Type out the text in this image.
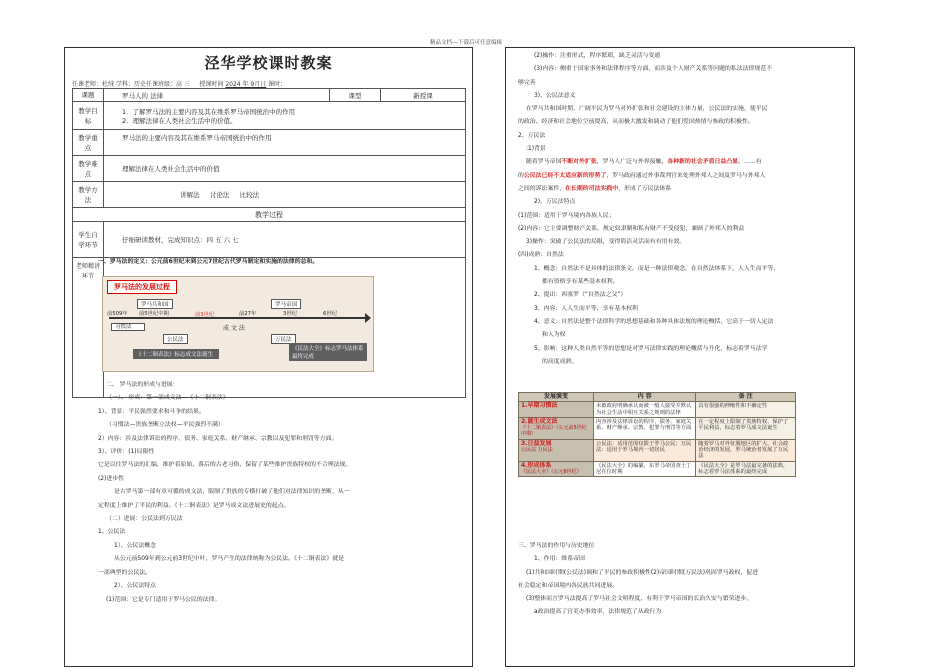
精品文档---下载后可任意编辑
泾华学校课时教案
任课老师：杜绒 学科：历史任课班级：高 三 授课时间 2024 年 9月日 课时：
课题	罗马人的 法律	课型	新授课
教学目标	1．了解罗马法的主要内容及其在维系罗马帝国统治中的作用
2．理解法律在人类社会生活中的价值。		

教学重点	罗马法的主要内容及其在维系罗马帝国统治中的作用		
教学难点	理解法律在人类社会生活中的价值		
教学方法	讲解法     讨论法     比较法		
教学过程			
学生自学环节	仔细研读教材，完成知识点：四 五 六 七		
老师精讲环节			
一、罗马法的定义：公元前6世纪末到公元7世纪古代罗马制定和实施的法律的总和。
罗马法的发展过程
罗马共和国	罗马帝国
前509年 前5世纪中期	前3世纪	前27年	3世纪	6世纪
习惯法	成 文 法
公民法	万民法
《十二铜表法》标志成文法诞生
《民法大全》标志罗马法体系最终完成
二、 罗马法的形成与进展：
（一）、 形成：第一部成文法—《十二铜表法》
1）、背景：平民强烈要求和斗争的结果。
（习惯法—贵族垄断立法权—平民强烈不满）
2）内容：涉及法律诉讼的程序、债务、家庭关系、财产继承、宗教以及犯罪和刑罚等方面。
3）、评价：(1)局限性
它是以往罗马法的汇编，维护着原始、落后的古老习俗，保留了某些维护贵族特权的不合理法规。
(2)进步性
是古罗马第一部有章可循的成文法，限制了贵族的专横打破了他们对法律知识的垄断，从一
定程度上维护了平民的利益。《十二铜表法》是罗马成文法进展史的起点。
（二）进展：公民法到万民法
1、公民法
1）、公民法概念
从公元前509年到公元前3世纪中叶，罗马产生的法律统称为公民法。《十二铜表法》就是
一部典型的公民法。
2）、公民法特点
(1)范围：它是专门适用于罗马公民的法律。
(2)操作：注重形式，程序繁琐，缺乏灵活与变通
(3)内容：侧重于国家事务和法律程序等方面，而涉及个人财产关系等问题的私法法律规范不
够完善
3)、公民法意义
在罗马共和国时期，广阔平民为罗马对外扩张和社会建设的主体力量，公民法的实施，使平民
的政治、经济和社会地位空前提高，从而极大激发和调动了他们爱国热情与参政的积极性。
2、万民法
:1)背景
随着罗马帝国不断对外扩张，罗马人广泛与外界接触，各种新的社会矛盾日益凸显。……有
的公民法已经不太适应新的形势了，罗马政府通过外事裁判官来处理外邦人之间及罗马与外邦人
之间的诉讼案件，在长期的司法实践中，形成了万民法体系
2)、万民法特点
(1)范围：适用于罗马境内各族人民；
(2)内容：它主要调整财产关系，规定奴隶制和私有财产不受侵犯，兼顾了外邦人的利益
3)操作：突破了公民法的局限，变得简洁灵活而有有用有效。
(四)成熟：自然法
1、概念：自然法不是具体的法律条文，而是一种法律观念。在自然法体系下，人人生而平等，
都有资格享有某些基本权利。
2、提出：西塞罗（“自然法之父”）
3、内容：人人生而平等，享有基本权利
4、意义：自然法是整个法律科学的思想基础和各种具体法规的理论概括，它高于一切人定法
和人为权
5、影响：这种人类自然平等的思想是对罗马法律实践的理论概括与升化，标志着罗马法学
的高度成熟。
发展演变	内 容	备 注

1.早期习惯法	未被政府明确承认而被一般人接受并默认为社会生活中相互关系之规则的法律	具有很强的伸缩性和不确定性

2.诞生成文法
《十二铜表法》（公元前5世纪中期）	内容涉及法律诉讼的程序、债务、家庭关系、财产继承、宗教、犯罪与刑罚等方面	在一定程度上限制了贵族特权、保护了平民利益，标志着罗马成文法诞生

3.日益发展
公民法 万民法	公民法：适用范围仅限于罗马公民；万民法：适用于罗马境内一切居民	随着罗马对外征服地区的扩大，社会政治经济的发展，罗马统治者发展了万民法

4.形成体系
《民法大全》（公元6世纪）	《民法大全》的编纂，东罗马帝国查士丁尼在位时期	《民法大全》是罗马法最完备的法典，标志着罗马法体系的最终完成
三、罗马法的作用与历史地位
1、作用：维系帝国
(1)共和国时期(公民法)调和了平民的参政积极性(2)帝国时期(万民法)巩固罗马政权，促进
社会稳定和帝国境内各民族共同进展。
(3)整体而言罗马法提高了罗马社会文明程度，有利于罗马帝国的长治久安与繁荣进步。
a政治提高了官吏办事效率，法律规范了从政行为
